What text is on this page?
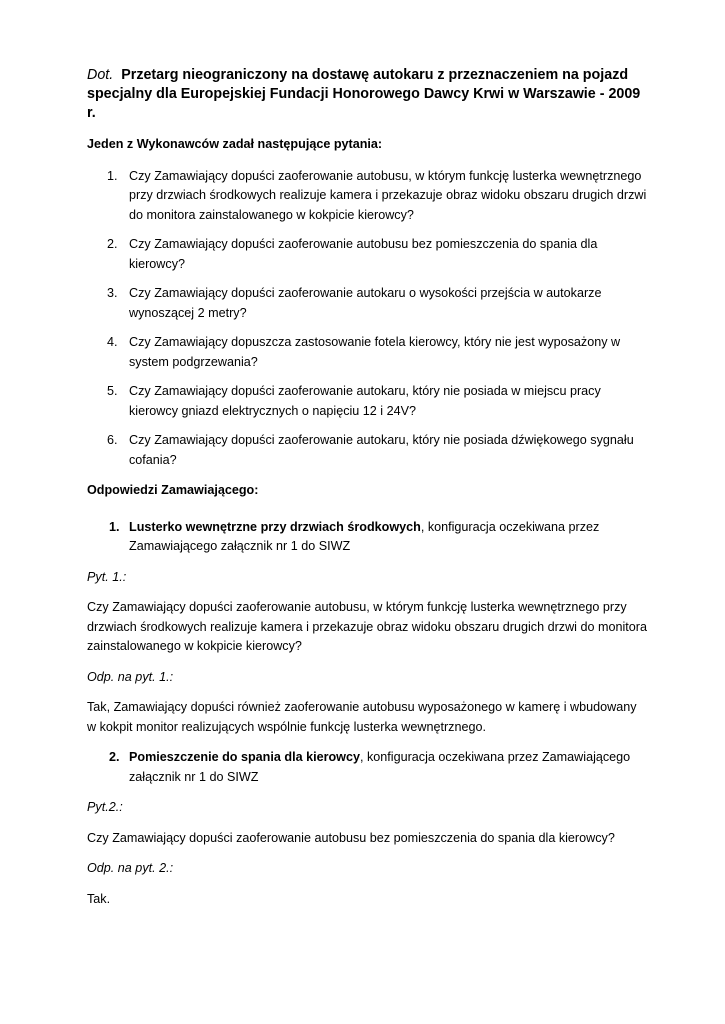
Dot. Przetarg nieograniczony na dostawę autokaru z przeznaczeniem na pojazd specjalny dla Europejskiej Fundacji Honorowego Dawcy Krwi w Warszawie - 2009 r.

Jeden z Wykonawców zadał następujące pytania:

1. Czy Zamawiający dopuści zaoferowanie autobusu, w którym funkcję lusterka wewnętrznego przy drzwiach środkowych realizuje kamera i przekazuje obraz widoku obszaru drugich drzwi do monitora zainstalowanego w kokpicie kierowcy?
2. Czy Zamawiający dopuści zaoferowanie autobusu bez pomieszczenia do spania dla kierowcy?
3. Czy Zamawiający dopuści zaoferowanie autokaru o wysokości przejścia w autokarze wynoszącej 2 metry?
4. Czy Zamawiający dopuszcza zastosowanie fotela kierowcy, który nie jest wyposażony w system podgrzewania?
5. Czy Zamawiający dopuści zaoferowanie autokaru, który nie posiada w miejscu pracy kierowcy gniazd elektrycznych o napięciu 12 i 24V?
6. Czy Zamawiający dopuści zaoferowanie autokaru, który nie posiada dźwiękowego sygnału cofania?

Odpowiedzi Zamawiającego:

1. Lusterko wewnętrzne przy drzwiach środkowych, konfiguracja oczekiwana przez Zamawiającego załącznik nr 1 do SIWZ

Pyt. 1.:

Czy Zamawiający dopuści zaoferowanie autobusu, w którym funkcję lusterka wewnętrznego przy drzwiach środkowych realizuje kamera i przekazuje obraz widoku obszaru drugich drzwi do monitora zainstalowanego w kokpicie kierowcy?

Odp. na pyt. 1.:

Tak, Zamawiający dopuści również zaoferowanie autobusu wyposażonego w kamerę i wbudowany w kokpit monitor realizujących wspólnie funkcję lusterka wewnętrznego.

2. Pomieszczenie do spania dla kierowcy, konfiguracja oczekiwana przez Zamawiającego załącznik nr 1 do SIWZ

Pyt.2.:

Czy Zamawiający dopuści zaoferowanie autobusu bez pomieszczenia do spania dla kierowcy?

Odp. na pyt. 2.:

Tak.
